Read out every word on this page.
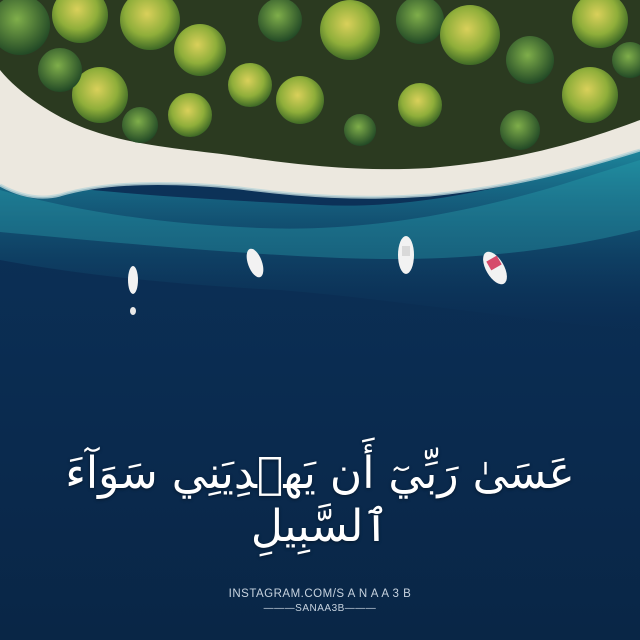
عَسَىٰ رَبِّيٓ أَن يَهۡدِيَنِي سَوَآءَ ٱلسَّبِيلِ
INSTAGRAM.COM/S A N A A 3 B
———SANAA3B———
